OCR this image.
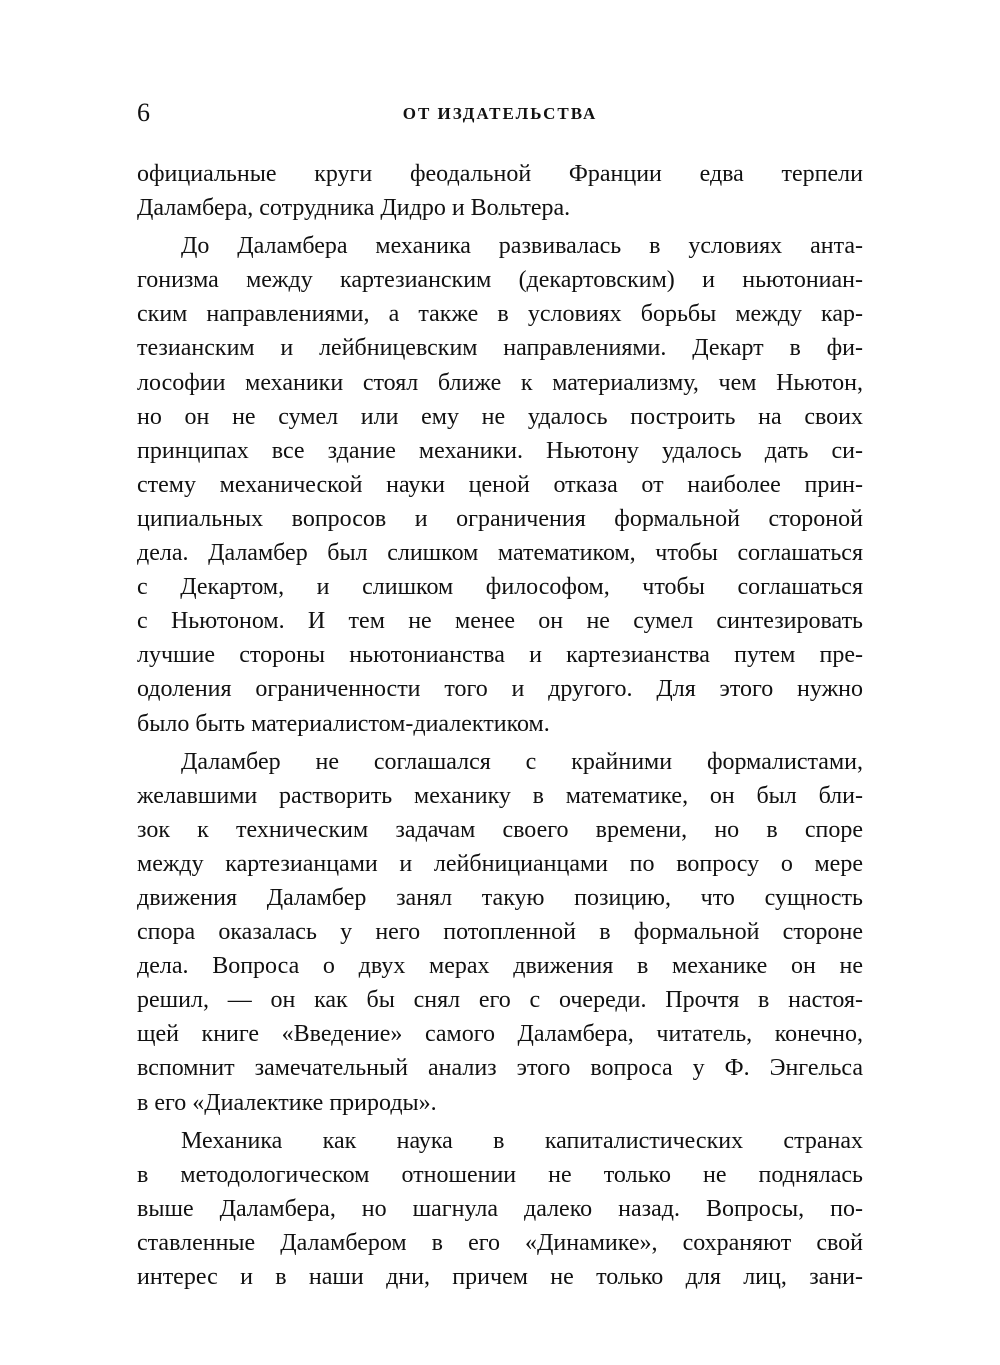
6	ОТ ИЗДАТЕЛЬСТВА
официальные круги феодальной Франции едва терпели
Даламбера, сотрудника Дидро и Вольтера.
До Даламбера механика развивалась в условиях анта-
гонизма между картезианским (декартовским) и ньютониан-
ским направлениями, а также в условиях борьбы между кар-
тезианским и лейбницевским направлениями. Декарт в фи-
лософии механики стоял ближе к материализму, чем Ньютон,
но он не сумел или ему не удалось построить на своих
принципах все здание механики. Ньютону удалось дать си-
стему механической науки ценой отказа от наиболее прин-
ципиальных вопросов и ограничения формальной стороной
дела. Даламбер был слишком математиком, чтобы соглашаться
с Декартом, и слишком философом, чтобы соглашаться
с Ньютоном. И тем не менее он не сумел синтезировать
лучшие стороны ньютонианства и картезианства путем пре-
одоления ограниченности того и другого. Для этого нужно
было быть материалистом-диалектиком.
Даламбер не соглашался с крайними формалистами,
желавшими растворить механику в математике, он был бли-
зок к техническим задачам своего времени, но в споре
между картезианцами и лейбницианцами по вопросу о мере
движения Даламбер занял такую позицию, что сущность
спора оказалась у него потопленной в формальной стороне
дела. Вопроса о двух мерах движения в механике он не
решил, — он как бы снял его с очереди. Прочтя в настоя-
щей книге «Введение» самого Даламбера, читатель, конечно,
вспомнит замечательный анализ этого вопроса у Ф. Энгельса
в его «Диалектике природы».
Механика как наука в капиталистических странах
в методологическом отношении не только не поднялась
выше Даламбера, но шагнула далеко назад. Вопросы, по-
ставленные Даламбером в его «Динамике», сохраняют свой
интерес и в наши дни, причем не только для лиц, зани-
